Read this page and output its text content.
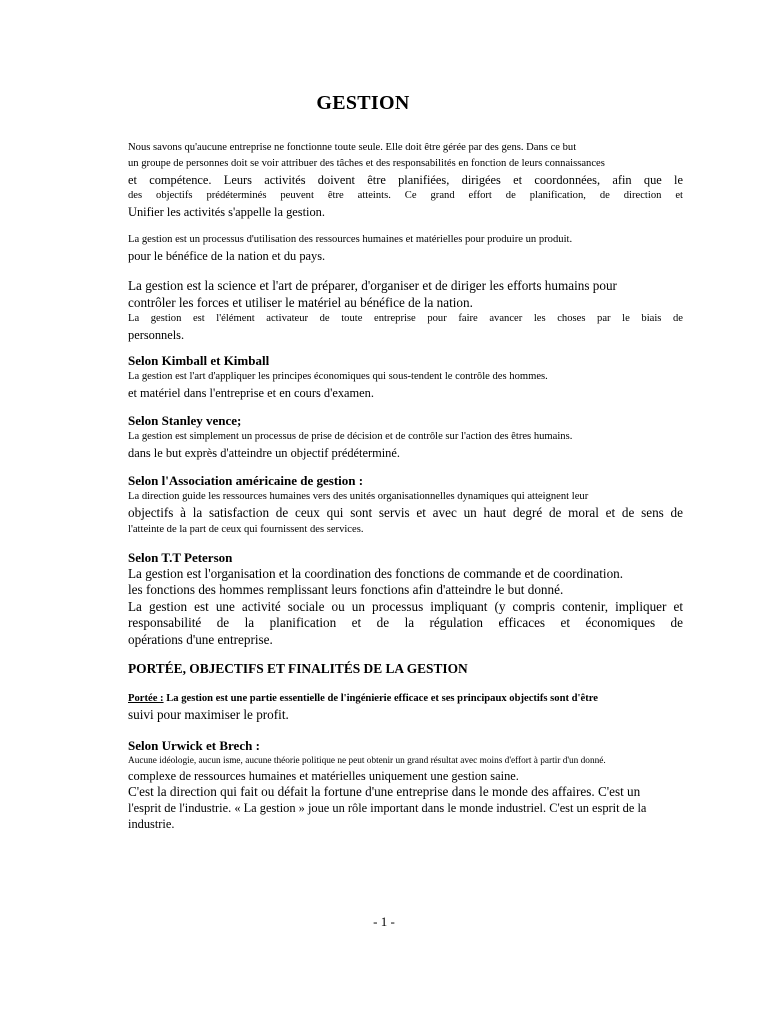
GESTION
Nous savons qu'aucune entreprise ne fonctionne toute seule. Elle doit être gérée par des gens. Dans ce but
un groupe de personnes doit se voir attribuer des tâches et des responsabilités en fonction de leurs connaissances
et compétence. Leurs activités doivent être planifiées, dirigées et coordonnées, afin que le
des objectifs prédéterminés peuvent être atteints. Ce grand effort de planification, de direction et
Unifier les activités s'appelle la gestion.
La gestion est un processus d'utilisation des ressources humaines et matérielles pour produire un produit.
pour le bénéfice de la nation et du pays.
La gestion est la science et l'art de préparer, d'organiser et de diriger les efforts humains pour
contrôler les forces et utiliser le matériel au bénéfice de la nation.
La gestion est l'élément activateur de toute entreprise pour faire avancer les choses par le biais de
personnels.
Selon Kimball et Kimball
La gestion est l'art d'appliquer les principes économiques qui sous-tendent le contrôle des hommes.
et matériel dans l'entreprise et en cours d'examen.
Selon Stanley vence;
La gestion est simplement un processus de prise de décision et de contrôle sur l'action des êtres humains.
dans le but exprès d'atteindre un objectif prédéterminé.
Selon l'Association américaine de gestion :
La direction guide les ressources humaines vers des unités organisationnelles dynamiques qui atteignent leur
objectifs à la satisfaction de ceux qui sont servis et avec un haut degré de moral et de sens de
l'atteinte de la part de ceux qui fournissent des services.
Selon T.T Peterson
La gestion est l'organisation et la coordination des fonctions de commande et de coordination.
les fonctions des hommes remplissant leurs fonctions afin d'atteindre le but donné.
La gestion est une activité sociale ou un processus impliquant (y compris contenir, impliquer et
responsabilité de la planification et de la régulation efficaces et économiques de
opérations d'une entreprise.
PORTÉE, OBJECTIFS ET FINALITÉS DE LA GESTION
Portée : La gestion est une partie essentielle de l'ingénierie efficace et ses principaux objectifs sont d'être
suivi pour maximiser le profit.
Selon Urwick et Brech :
Aucune idéologie, aucun isme, aucune théorie politique ne peut obtenir un grand résultat avec moins d'effort à partir d'un donné.
complexe de ressources humaines et matérielles uniquement une gestion saine.
C'est la direction qui fait ou défait la fortune d'une entreprise dans le monde des affaires. C'est un
l'esprit de l'industrie. « La gestion » joue un rôle important dans le monde industriel. C'est un esprit de la
industrie.
- 1 -
